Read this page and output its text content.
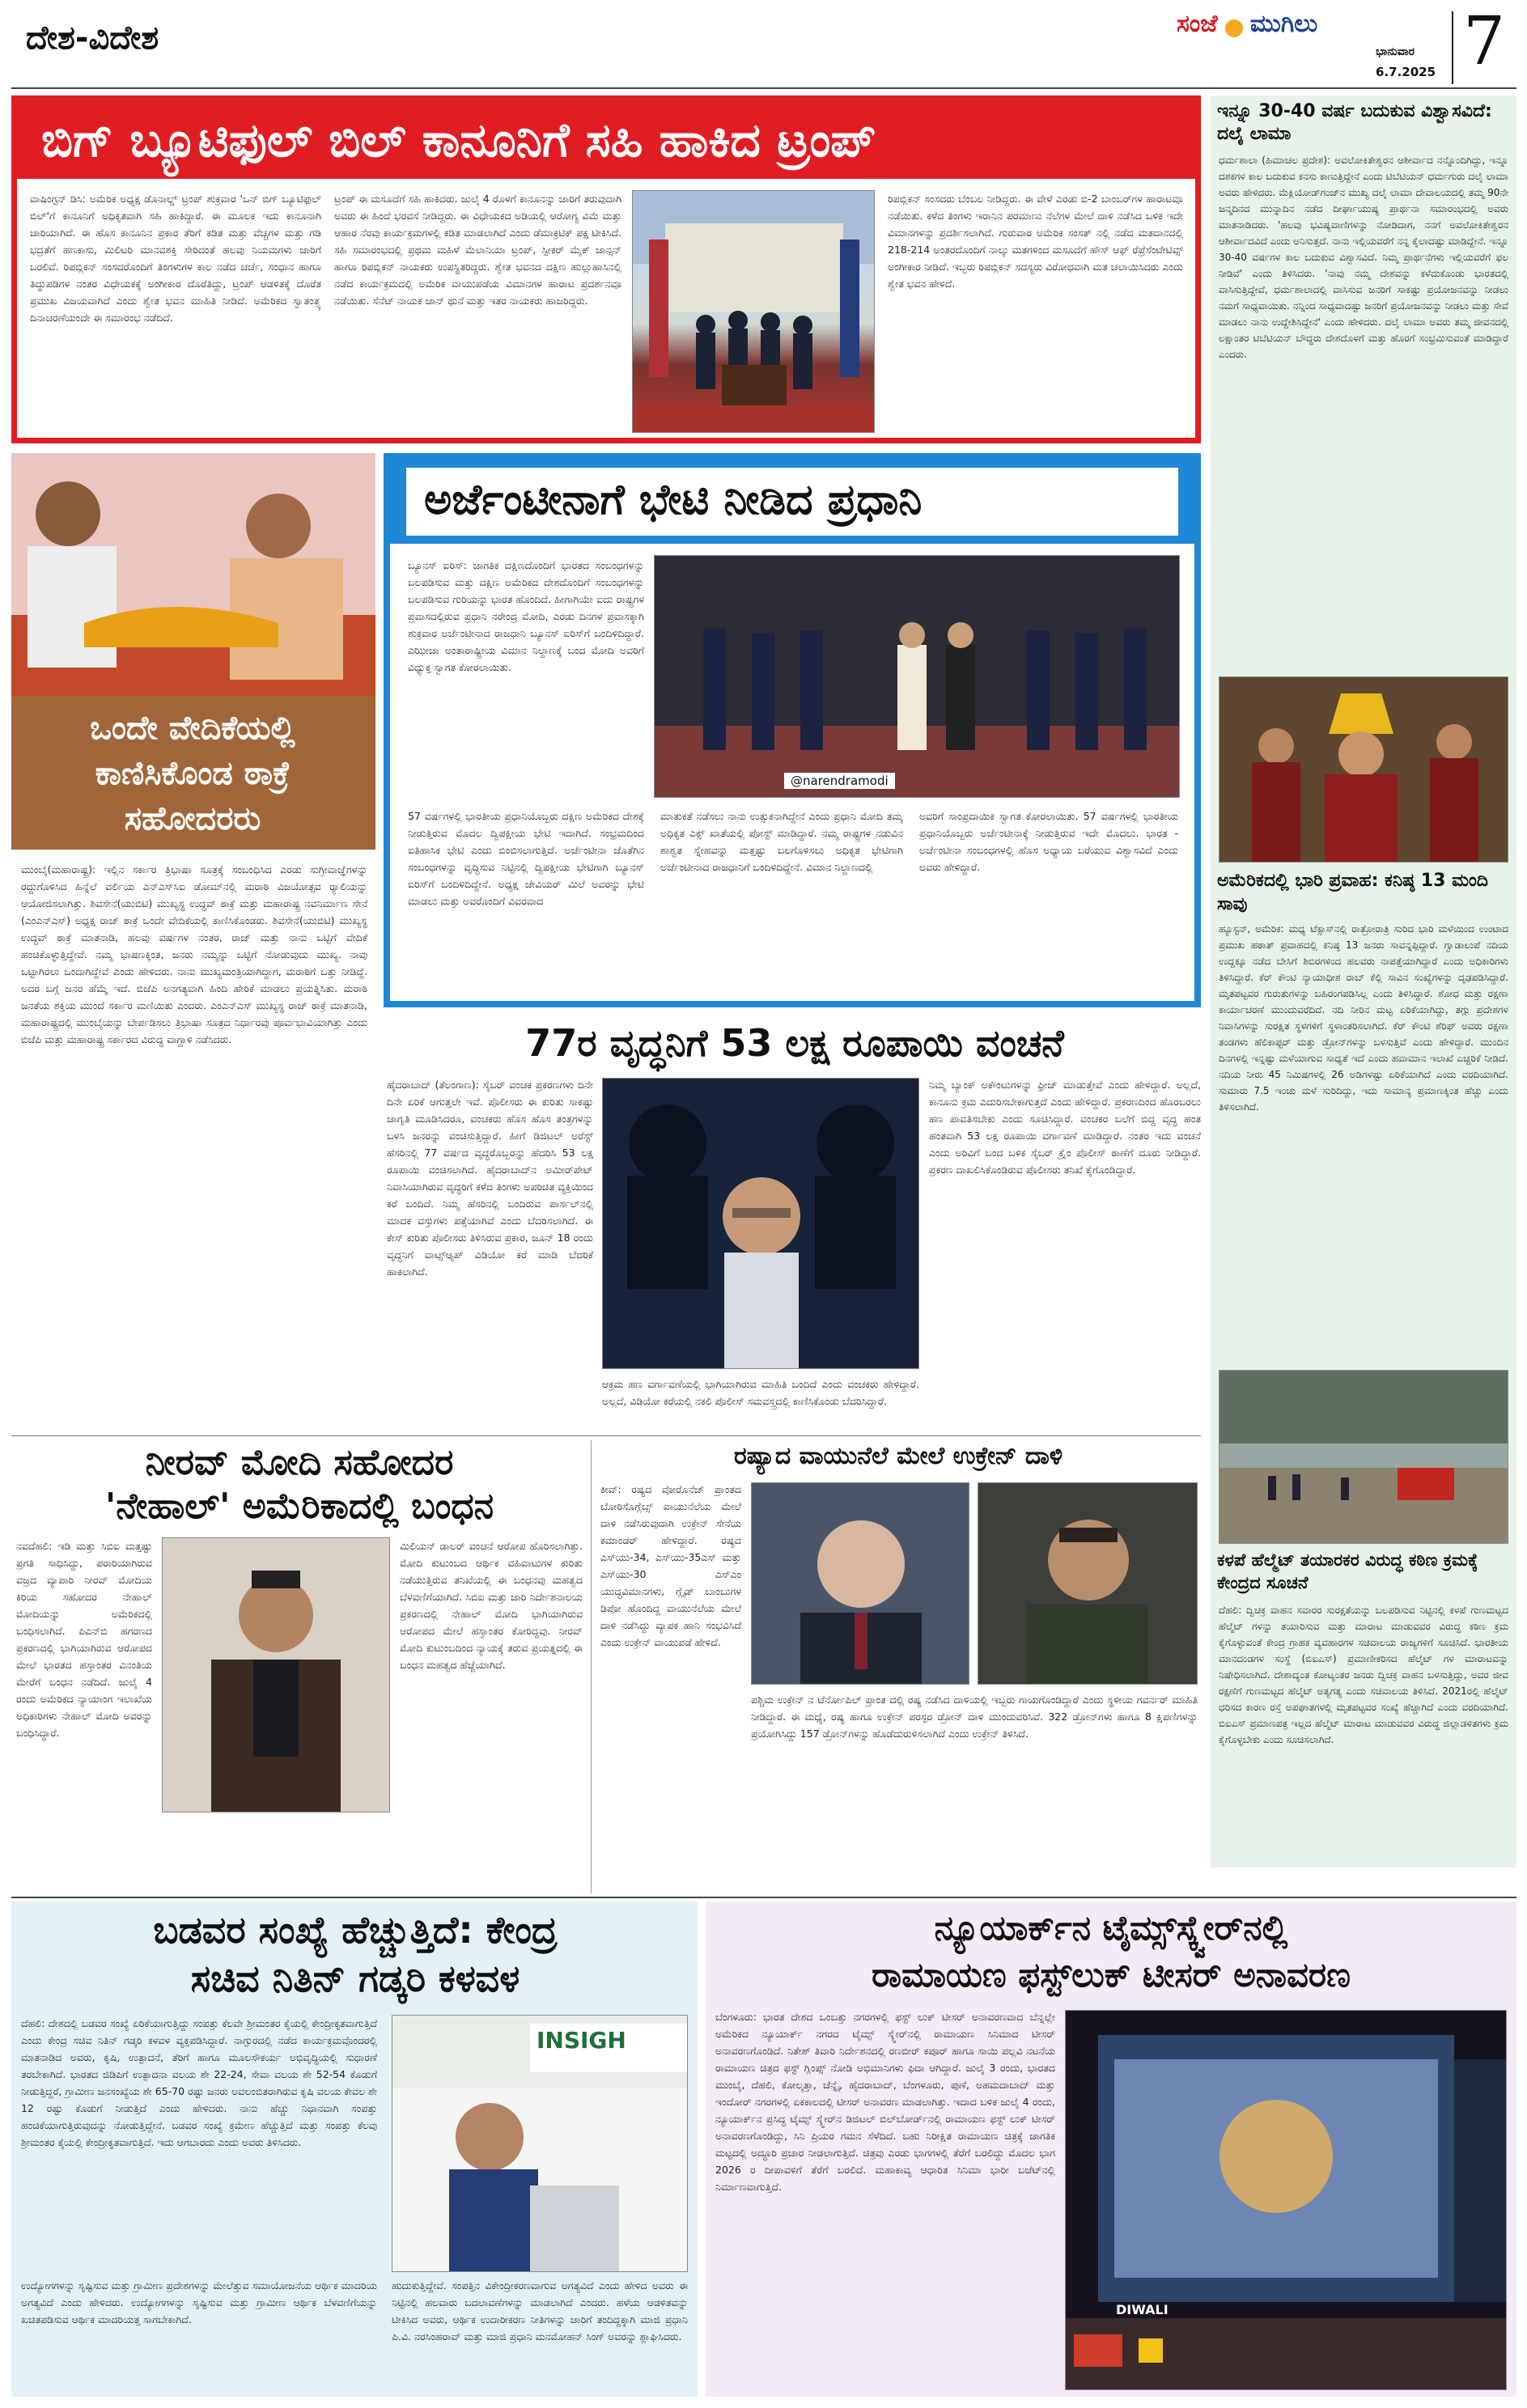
ದೇಶ-ವಿದೇಶ	ಸಂಜೆ ಮುಗಿಲು
ಭಾನುವಾರ
6.7.2025 7
ಬಿಗ್ ಬ್ಯೂಟಿಫುಲ್ ಬಿಲ್ ಕಾನೂನಿಗೆ ಸಹಿ ಹಾಕಿದ ಟ್ರಂಪ್
ವಾಷಿಂಗ್ಟನ್ ಡಿಸಿ: ಅಮೆರಿಕ ಅಧ್ಯಕ್ಷ ಡೊನಾಲ್ಡ್ ಟ್ರಂಪ್ ಶುಕ್ರವಾರ 'ಒನ್ ಬಿಗ್ ಬ್ಯೂಟಿಫುಲ್ ಬಿಲ್'ಗೆ ಕಾನೂನಿಗೆ ಅಧಿಕೃತವಾಗಿ ಸಹಿ ಹಾಕಿದ್ದಾರೆ. ಈ ಮೂಲಕ ಇದು ಕಾನೂನಾಗಿ ಜಾರಿಯಾಗಿದೆ. ಈ ಹೊಸ ಕಾನೂನಿನ ಪ್ರಕಾರ ತೆರಿಗೆ ಕಡಿತ ಮತ್ತು ವೆಚ್ಚಗಳ ಮತ್ತು ಗಡಿ ಭದ್ರತೆಗೆ ಹಣಕಾಸು, ಮಿಲಿಟರಿ ಮಾನವಶಕ್ತಿ ಸೇರಿದಂತೆ ಹಲವು ನಿಯಮಗಳು ಜಾರಿಗೆ ಬರಲಿವೆ. ರಿಪಬ್ಲಿಕನ್ ಸಂಸದರೊಂದಿಗೆ ತಿಂಗಳುಗಳ ಕಾಲ ನಡೆದ ಚರ್ಚೆ, ಸಂಧಾನ ಹಾಗೂ ತಿದ್ದುಪಡಿಗಳ ನಂತರ ವಿಧೇಯಕಕ್ಕೆ ಅಂಗೀಕಾರ ದೊರೆತಿದ್ದು, ಟ್ರಂಪ್ ಆಡಳಿತಕ್ಕೆ ದೊರೆತ ಪ್ರಮುಖ ವಿಜಯವಾಗಿದೆ ಎಂದು ಶ್ವೇತ ಭವನ ಮಾಹಿತಿ ನೀಡಿದೆ. ಅಮೆರಿಕದ ಸ್ವಾತಂತ್ರ್ಯ ದಿನಾಚರಣೆಯಂದೇ ಈ ಸಮಾರಂಭ ನಡೆದಿದೆ.
ಟ್ರಂಪ್ ಈ ಮಸೂದೆಗೆ ಸಹಿ ಹಾಕಿದರು. ಜುಲೈ 4 ರೊಳಗೆ ಕಾನೂನನ್ನು ಜಾರಿಗೆ ತರುವುದಾಗಿ ಅವರು ಈ ಹಿಂದೆ ಭರವಸೆ ನೀಡಿದ್ದರು. ಈ ವಿಧೇಯಕದ ಅಡಿಯಲ್ಲಿ ಆರೋಗ್ಯ ವಿಮೆ ಮತ್ತು ಆಹಾರ ನೆರವು ಕಾರ್ಯಕ್ರಮಗಳಲ್ಲಿ ಕಡಿತ ಮಾಡಲಾಗಿದೆ ಎಂದು ಡೆಮಾಕ್ರಟಿಕ್ ಪಕ್ಷ ಟೀಕಿಸಿದೆ. ಸಹಿ ಸಮಾರಂಭದಲ್ಲಿ ಪ್ರಥಮ ಮಹಿಳೆ ಮೆಲಾನಿಯಾ ಟ್ರಂಪ್, ಸ್ಪೀಕರ್ ಮೈಕ್ ಜಾನ್ಸನ್ ಹಾಗೂ ರಿಪಬ್ಲಿಕನ್ ನಾಯಕರು ಉಪಸ್ಥಿತರಿದ್ದರು. ಶ್ವೇತ ಭವನದ ದಕ್ಷಿಣ ಹುಲ್ಲುಹಾಸಿನಲ್ಲಿ ನಡೆದ ಕಾರ್ಯಕ್ರಮದಲ್ಲಿ ಅಮೆರಿಕ ವಾಯುಪಡೆಯ ವಿಮಾನಗಳ ಹಾರಾಟ ಪ್ರದರ್ಶನವೂ ನಡೆಯಿತು. ಸೆನೆಟ್ ನಾಯಕ ಜಾನ್ ಥುನೆ ಮತ್ತು ಇತರ ನಾಯಕರು ಹಾಜರಿದ್ದರು.
ರಿಪಬ್ಲಿಕನ್ ಸಂಸದರು ಬೆಂಬಲ ನೀಡಿದ್ದರು. ಈ ವೇಳೆ ಎರಡು ಬಿ-2 ಬಾಂಬರ್‌ಗಳ ಹಾರಾಟವೂ ನಡೆಯಿತು. ಕಳೆದ ತಿಂಗಳು ಇರಾನಿನ ಪರಮಾಣು ನೆಲೆಗಳ ಮೇಲೆ ದಾಳಿ ನಡೆಸಿದ ಬಳಿಕ ಇದೇ ವಿಮಾನಗಳನ್ನು ಪ್ರದರ್ಶಿಸಲಾಗಿದೆ. ಗುರುವಾರ ಅಮೆರಿಕ ಸಂಸತ್ ನಲ್ಲಿ ನಡೆದ ಮತದಾನದಲ್ಲಿ 218-214 ಅಂತರದೊಂದಿಗೆ ನಾಲ್ಕು ಮತಗಳಿಂದ ಮಸೂದೆಗೆ ಹೌಸ್ ಆಫ್ ರೆಪ್ರೆಸೆಂಟೇಟಿವ್ಸ್ ಅಂಗೀಕಾರ ನೀಡಿದೆ. ಇಬ್ಬರು ರಿಪಬ್ಲಿಕನ್ ಸದಸ್ಯರು ವಿರೋಧವಾಗಿ ಮತ ಚಲಾಯಿಸಿದರು ಎಂದು ಶ್ವೇತ ಭವನ ಹೇಳಿದೆ.
ಇನ್ನೂ 30-40 ವರ್ಷ ಬದುಕುವ ವಿಶ್ವಾಸವಿದೆ: ದಲೈ ಲಾಮಾ
ಧರ್ಮಶಾಲಾ (ಹಿಮಾಚಲ ಪ್ರದೇಶ): ಅವಲೋಕಿತೇಶ್ವರನ ಆಶೀರ್ವಾದ ನನ್ನೊಂದಿಗಿದ್ದು, ಇನ್ನೂ ದಶಕಗಳ ಕಾಲ ಬದುಕುವ ಕನಸು ಕಾಣುತ್ತಿದ್ದೇನೆ ಎಂದು ಟಿಬೆಟಿಯನ್ ಧರ್ಮಗುರು ದಲೈ ಲಾಮಾ ಅವರು ಹೇಳಿದರು. ಮೆಕ್ಲಿಯೋಡ್‌ಗಂಜ್‌ನ ಮುಖ್ಯ ದಲೈ ಲಾಮಾ ದೇವಾಲಯದಲ್ಲಿ ತಮ್ಮ 90ನೇ ಜನ್ಮದಿನದ ಮುನ್ನಾದಿನ ನಡೆದ ದೀರ್ಘಾಯುಷ್ಯ ಪ್ರಾರ್ಥನಾ ಸಮಾರಂಭದಲ್ಲಿ ಅವರು ಮಾತನಾಡಿದರು. 'ಹಲವು ಭವಿಷ್ಯವಾಣಿಗಳನ್ನು ನೋಡಿದಾಗ, ನನಗೆ ಅವಲೋಕಿತೇಶ್ವರನ ಆಶೀರ್ವಾದವಿದೆ ಎಂದು ಅನಿಸುತ್ತದೆ. ನಾನು ಇಲ್ಲಿಯವರೆಗೆ ನನ್ನ ಕೈಲಾದಷ್ಟು ಮಾಡಿದ್ದೇನೆ. ಇನ್ನೂ 30-40 ವರ್ಷಗಳ ಕಾಲ ಬದುಕುವ ವಿಶ್ವಾಸವಿದೆ. ನಿಮ್ಮ ಪ್ರಾರ್ಥನೆಗಳು ಇಲ್ಲಿಯವರೆಗೆ ಫಲ ನೀಡಿವೆ' ಎಂದು ತಿಳಿಸಿದರು. 'ನಾವು ನಮ್ಮ ದೇಶವನ್ನು ಕಳೆದುಕೊಂಡು ಭಾರತದಲ್ಲಿ ವಾಸಿಸುತ್ತಿದ್ದೇವೆ, ಧರ್ಮಶಾಲಾದಲ್ಲಿ ವಾಸಿಸುವ ಜನರಿಗೆ ಸಾಕಷ್ಟು ಪ್ರಯೋಜನವನ್ನು ನೀಡಲು ನಮಗೆ ಸಾಧ್ಯವಾಯಿತು. ನನ್ನಿಂದ ಸಾಧ್ಯವಾದಷ್ಟು ಜನರಿಗೆ ಪ್ರಯೋಜನವನ್ನು ನೀಡಲು ಮತ್ತು ಸೇವೆ ಮಾಡಲು ನಾನು ಉದ್ದೇಶಿಸಿದ್ದೇನೆ' ಎಂದು ಹೇಳಿದರು. ದಲೈ ಲಾಮಾ ಅವರು ತಮ್ಮ ಜೀವನದಲ್ಲಿ ಲಕ್ಷಾಂತರ ಟಿಬೆಟಿಯನ್ ಬೌದ್ಧರು ದೇಶದೊಳಗೆ ಮತ್ತು ಹೊರಗೆ ಸಂಭ್ರಮಿಸುವಂತೆ ಮಾಡಿದ್ದಾರೆ ಎಂದರು.
ಅಮೆರಿಕದಲ್ಲಿ ಭಾರಿ ಪ್ರವಾಹ: ಕನಿಷ್ಠ 13 ಮಂದಿ ಸಾವು
ಹ್ಯೂಸ್ಟನ್, ಅಮೆರಿಕ: ಮಧ್ಯ ಟೆಕ್ಸಾಸ್‌ನಲ್ಲಿ ರಾತ್ರೋರಾತ್ರಿ ಸುರಿದ ಭಾರಿ ಮಳೆಯಿಂದ ಉಂಟಾದ ಪ್ರಮುಖ ಹಠಾತ್ ಪ್ರವಾಹದಲ್ಲಿ ಕನಿಷ್ಠ 13 ಜನರು ಸಾವನ್ನಪ್ಪಿದ್ದಾರೆ. ಗ್ವಾಡಾಲುಪೆ ನದಿಯ ಉದ್ದಕ್ಕೂ ನಡೆದ ಬೇಸಿಗೆ ಶಿಬಿರಗಳಿಂದ ಹಲವರು ನಾಪತ್ತೆಯಾಗಿದ್ದಾರೆ ಎಂದು ಅಧಿಕಾರಿಗಳು ತಿಳಿಸಿದ್ದಾರೆ. ಕೆರ್ ಕೌಂಟಿ ನ್ಯಾಯಾಧೀಶ ರಾಬ್ ಕೆಲ್ಲಿ ಸಾವಿನ ಸಂಖ್ಯೆಗಳನ್ನು ದೃಢಪಡಿಸಿದ್ದಾರೆ. ಮೃತಪಟ್ಟವರ ಗುರುತುಗಳನ್ನು ಬಹಿರಂಗಪಡಿಸಿಲ್ಲ ಎಂದು ತಿಳಿಸಿದ್ದಾರೆ. ಶೋಧ ಮತ್ತು ರಕ್ಷಣಾ ಕಾರ್ಯಾಚರಣೆ ಮುಂದುವರೆದಿದೆ. ನದಿ ನೀರಿನ ಮಟ್ಟ ಏರಿಕೆಯಾಗಿದ್ದು, ತಗ್ಗು ಪ್ರದೇಶಗಳ ನಿವಾಸಿಗಳನ್ನು ಸುರಕ್ಷಿತ ಸ್ಥಳಗಳಿಗೆ ಸ್ಥಳಾಂತರಿಸಲಾಗಿದೆ. ಕೆರ್ ಕೌಂಟಿ ಶೆರಿಫ್ ಅವರು ರಕ್ಷಣಾ ತಂಡಗಳು ಹೆಲಿಕಾಪ್ಟರ್ ಮತ್ತು ಡ್ರೋನ್‌ಗಳನ್ನು ಬಳಸುತ್ತಿವೆ ಎಂದು ಹೇಳಿದ್ದಾರೆ. ಮುಂದಿನ ದಿನಗಳಲ್ಲಿ ಇನ್ನಷ್ಟು ಮಳೆಯಾಗುವ ಸಾಧ್ಯತೆ ಇದೆ ಎಂದು ಹವಾಮಾನ ಇಲಾಖೆ ಎಚ್ಚರಿಕೆ ನೀಡಿದೆ. ನದಿಯ ನೀರು 45 ನಿಮಿಷಗಳಲ್ಲಿ 26 ಅಡಿಗಳಷ್ಟು ಏರಿಕೆಯಾಗಿದೆ ಎಂದು ವರದಿಯಾಗಿದೆ. ಸುಮಾರು 7.5 ಇಂಚು ಮಳೆ ಸುರಿದಿದ್ದು, ಇದು ಸಾಮಾನ್ಯ ಪ್ರಮಾಣಕ್ಕಿಂತ ಹೆಚ್ಚು ಎಂದು ತಿಳಿಸಲಾಗಿದೆ.
ಕಳಪೆ ಹೆಲ್ಮೆಟ್ ತಯಾರಕರ ವಿರುದ್ಧ ಕಠಿಣ ಕ್ರಮಕ್ಕೆ ಕೇಂದ್ರದ ಸೂಚನೆ
ದೆಹಲಿ: ದ್ವಿಚಕ್ರ ವಾಹನ ಸವಾರರ ಸುರಕ್ಷತೆಯನ್ನು ಬಲಪಡಿಸುವ ನಿಟ್ಟಿನಲ್ಲಿ ಕಳಪೆ ಗುಣಮಟ್ಟದ ಹೆಲ್ಮೆಟ್ ಗಳನ್ನು ತಯಾರಿಸುವ ಮತ್ತು ಮಾರಾಟ ಮಾಡುವವರ ವಿರುದ್ಧ ಕಠಿಣ ಕ್ರಮ ಕೈಗೊಳ್ಳುವಂತೆ ಕೇಂದ್ರ ಗ್ರಾಹಕ ವ್ಯವಹಾರಗಳ ಸಚಿವಾಲಯ ರಾಜ್ಯಗಳಿಗೆ ಸೂಚಿಸಿದೆ. ಭಾರತೀಯ ಮಾನದಂಡಗಳ ಸಂಸ್ಥೆ (ಬಿಐಎಸ್) ಪ್ರಮಾಣೀಕರಿಸದ ಹೆಲ್ಮೆಟ್ ಗಳ ಮಾರಾಟವನ್ನು ನಿಷೇಧಿಸಲಾಗಿದೆ. ದೇಶಾದ್ಯಂತ ಕೋಟ್ಯಂತರ ಜನರು ದ್ವಿಚಕ್ರ ವಾಹನ ಬಳಸುತ್ತಿದ್ದು, ಅವರ ಜೀವ ರಕ್ಷಣೆಗೆ ಗುಣಮಟ್ಟದ ಹೆಲ್ಮೆಟ್ ಅತ್ಯಗತ್ಯ ಎಂದು ಸಚಿವಾಲಯ ತಿಳಿಸಿದೆ. 2021ರಲ್ಲಿ ಹೆಲ್ಮೆಟ್ ಧರಿಸದ ಕಾರಣ ರಸ್ತೆ ಅಪಘಾತಗಳಲ್ಲಿ ಮೃತಪಟ್ಟವರ ಸಂಖ್ಯೆ ಹೆಚ್ಚಾಗಿದೆ ಎಂದು ವರದಿಯಾಗಿದೆ. ಬಿಐಎಸ್ ಪ್ರಮಾಣಪತ್ರ ಇಲ್ಲದ ಹೆಲ್ಮೆಟ್ ಮಾರಾಟ ಮಾಡುವವರ ವಿರುದ್ಧ ಜಿಲ್ಲಾಡಳಿತಗಳು ಕ್ರಮ ಕೈಗೊಳ್ಳಬೇಕು ಎಂದು ಸೂಚಿಸಲಾಗಿದೆ.
ಒಂದೇ ವೇದಿಕೆಯಲ್ಲಿ ಕಾಣಿಸಿಕೊಂಡ ಠಾಕ್ರೆ ಸಹೋದರರು
ಮುಂಬೈ(ಮಹಾರಾಷ್ಟ್ರ): ಇಲ್ಲಿನ ಸರ್ಕಾರ ತ್ರಿಭಾಷಾ ಸೂತ್ರಕ್ಕೆ ಸಂಬಂಧಿಸಿದ ಎರಡು ಸುಗ್ರೀವಾಜ್ಞೆಗಳನ್ನು ರದ್ದುಗೊಳಿಸಿದ ಹಿನ್ನೆಲೆ ವರ್ಲಿಯ ಎನ್‌ಎಸ್‌ಸಿಐ ಡೋಮ್‌ನಲ್ಲಿ ಮರಾಠಿ ವಿಜಯೋತ್ಸವ ರ‍್ಯಾಲಿಯನ್ನು ಆಯೋಜಿಸಲಾಗಿತ್ತು. ಶಿವಸೇನೆ(ಯುಬಿಟಿ) ಮುಖ್ಯಸ್ಥ ಉದ್ಧವ್ ಠಾಕ್ರೆ ಮತ್ತು ಮಹಾರಾಷ್ಟ್ರ ನವನಿರ್ಮಾಣ ಸೇನೆ (ಎಂಎನ್ಎಸ್) ಅಧ್ಯಕ್ಷ ರಾಜ್ ಠಾಕ್ರೆ ಒಂದೇ ವೇದಿಕೆಯಲ್ಲಿ ಕಾಣಿಸಿಕೊಂಡರು. ಶಿವಸೇನೆ(ಯುಬಿಟಿ) ಮುಖ್ಯಸ್ಥ ಉದ್ಧವ್ ಠಾಕ್ರೆ ಮಾತನಾಡಿ, ಹಲವು ವರ್ಷಗಳ ನಂತರ, ರಾಜ್ ಮತ್ತು ನಾನು ಒಟ್ಟಿಗೆ ವೇದಿಕೆ ಹಂಚಿಕೊಳ್ಳುತ್ತಿದ್ದೇವೆ. ನಮ್ಮ ಭಾಷಣಕ್ಕಿಂತ, ಜನರು ನಮ್ಮನ್ನು ಒಟ್ಟಿಗೆ ನೋಡುವುದು ಮುಖ್ಯ. ನಾವು ಒಟ್ಟಾಗಿರಲು ಒಂದಾಗಿದ್ದೇವೆ ಎಂದು ಹೇಳಿದರು. ನಾನು ಮುಖ್ಯಮಂತ್ರಿಯಾಗಿದ್ದಾಗ, ಮರಾಠಿಗೆ ಒತ್ತು ನೀಡಿದ್ದೆ. ಅದರ ಬಗ್ಗೆ ಜನರ ಹೆಮ್ಮೆ ಇದೆ. ಬಿಜೆಪಿ ಅನಗತ್ಯವಾಗಿ ಹಿಂದಿ ಹೇರಿಕೆ ಮಾಡಲು ಪ್ರಯತ್ನಿಸಿತು. ಮರಾಠಿ ಜನತೆಯ ಶಕ್ತಿಯ ಮುಂದೆ ಸರ್ಕಾರ ಮಣಿಯಿತು ಎಂದರು. ಎಂಎನ್ಎಸ್ ಮುಖ್ಯಸ್ಥ ರಾಜ್ ಠಾಕ್ರೆ ಮಾತನಾಡಿ, ಮಹಾರಾಷ್ಟ್ರದಲ್ಲಿ ಮುಂಬೈಯನ್ನು ಬೇರ್ಪಡಿಸಲು ತ್ರಿಭಾಷಾ ಸೂತ್ರದ ನಿರ್ಧಾರವು ಪೂರ್ವಭಾವಿಯಾಗಿತ್ತು ಎಂದು ಬಿಜೆಪಿ ಮತ್ತು ಮಹಾರಾಷ್ಟ್ರ ಸರ್ಕಾರದ ವಿರುದ್ಧ ವಾಗ್ದಾಳಿ ನಡೆಸಿದರು.
ಅರ್ಜೆಂಟೀನಾಗೆ ಭೇಟಿ ನೀಡಿದ ಪ್ರಧಾನಿ
ಬ್ಯೂನಸ್ ಐರಿಸ್: ಜಾಗತಿಕ ದಕ್ಷಿಣದೊಂದಿಗೆ ಭಾರತದ ಸಂಬಂಧಗಳನ್ನು ಬಲಪಡಿಸುವ ಮತ್ತು ದಕ್ಷಿಣ ಅಮೆರಿಕದ ದೇಶದೊಂದಿಗೆ ಸಂಬಂಧಗಳನ್ನು ಬಲಪಡಿಸುವ ಗುರಿಯನ್ನು ಭಾರತ ಹೊಂದಿದೆ. ಹೀಗಾಗಿಯೇ ಐದು ರಾಷ್ಟ್ರಗಳ ಪ್ರವಾಸದಲ್ಲಿರುವ ಪ್ರಧಾನಿ ನರೇಂದ್ರ ಮೋದಿ, ಎರಡು ದಿನಗಳ ಪ್ರವಾಸಕ್ಕಾಗಿ ಶುಕ್ರವಾರ ಅರ್ಜೆಂಟೀನಾದ ರಾಜಧಾನಿ ಬ್ಯೂನಸ್ ಐರಿಸ್‌ಗೆ ಬಂದಿಳಿದಿದ್ದಾರೆ. ಎಝೀಜಾ ಅಂತಾರಾಷ್ಟ್ರೀಯ ವಿಮಾನ ನಿಲ್ದಾಣಕ್ಕೆ ಬಂದ ಮೋದಿ ಅವರಿಗೆ ವಿಧ್ಯುಕ್ತ ಸ್ವಾಗತ ಕೋರಲಾಯಿತು.
@narendramodi
57 ವರ್ಷಗಳಲ್ಲಿ ಭಾರತೀಯ ಪ್ರಧಾನಿಯೊಬ್ಬರು ದಕ್ಷಿಣ ಅಮೆರಿಕದ ದೇಶಕ್ಕೆ ನೀಡುತ್ತಿರುವ ಮೊದಲ ದ್ವಿಪಕ್ಷೀಯ ಭೇಟಿ ಇದಾಗಿದೆ. ಸಂಭ್ರಮದಿಂದ ಐತಿಹಾಸಿಕ ಭೇಟಿ ಎಂದು ಬಿಂಬಿಸಲಾಗುತ್ತಿದೆ. ಅರ್ಜೆಂಟೀನಾ ಜೊತೆಗಿನ ಸಂಬಂಧಗಳನ್ನು ವೃದ್ಧಿಸುವ ನಿಟ್ಟಿನಲ್ಲಿ ದ್ವಿಪಕ್ಷೀಯ ಭೇಟಿಗಾಗಿ ಬ್ಯೂನಸ್ ಐರಿಸ್‌ಗೆ ಬಂದಿಳಿದಿದ್ದೇನೆ. ಅಧ್ಯಕ್ಷ ಜೇವಿಯರ್ ಮಿಲೆ ಅವರನ್ನು ಭೇಟಿ ಮಾಡಲು ಮತ್ತು ಅವರೊಂದಿಗೆ ವಿವರವಾದ
ಮಾತುಕತೆ ನಡೆಸಲು ನಾನು ಉತ್ಸುಕನಾಗಿದ್ದೇನೆ ಎಂದು ಪ್ರಧಾನಿ ಮೋದಿ ತಮ್ಮ ಅಧಿಕೃತ ಎಕ್ಸ್ ಖಾತೆಯಲ್ಲಿ ಪೋಸ್ಟ್ ಮಾಡಿದ್ದಾರೆ. ನಮ್ಮ ರಾಷ್ಟ್ರಗಳ ನಡುವಿನ ಶಾಶ್ವತ ಸ್ನೇಹವನ್ನು ಮತ್ತಷ್ಟು ಬಲಗೊಳಿಸಲು ಅಧಿಕೃತ ಭೇಟಿಗಾಗಿ ಅರ್ಜೆಂಟೀನಾದ ರಾಜಧಾನಿಗೆ ಬಂದಿಳಿದಿದ್ದೇನೆ. ವಿಮಾನ ನಿಲ್ದಾಣದಲ್ಲಿ
ಅವರಿಗೆ ಸಾಂಪ್ರದಾಯಿಕ ಸ್ವಾಗತ ಕೋರಲಾಯಿತು. 57 ವರ್ಷಗಳಲ್ಲಿ ಭಾರತೀಯ ಪ್ರಧಾನಿಯೊಬ್ಬರು ಅರ್ಜೆಂಟೀನಾಕ್ಕೆ ನೀಡುತ್ತಿರುವ ಇದೇ ಮೊದಲು. ಭಾರತ - ಅರ್ಜೆಂಟೀನಾ ಸಂಬಂಧಗಳಲ್ಲಿ ಹೊಸ ಅಧ್ಯಾಯ ಬರೆಯುವ ವಿಶ್ವಾಸವಿದೆ ಎಂದು ಅವರು ಹೇಳಿದ್ದಾರೆ.
77ರ ವೃದ್ಧನಿಗೆ 53 ಲಕ್ಷ ರೂಪಾಯಿ ವಂಚನೆ
ಹೈದರಾಬಾದ್ (ತೆಲಂಗಾಣ): ಸೈಬರ್ ವಂಚಕ ಪ್ರಕರಣಗಳು ದಿನೇ ದಿನೇ ಏರಿಕೆ ಆಗುತ್ತಲೇ ಇವೆ. ಪೊಲೀಸರು ಈ ಕುರಿತು ಸಾಕಷ್ಟು ಜಾಗೃತಿ ಮೂಡಿಸಿದರೂ, ವಂಚಕರು ಹೊಸ ಹೊಸ ತಂತ್ರಗಳನ್ನು ಬಳಸಿ ಜನರನ್ನು ವಂಚಿಸುತ್ತಿದ್ದಾರೆ. ಹೀಗೆ ಡಿಜಿಟಲ್ ಅರೆಸ್ಟ್ ಹೆಸರಿನಲ್ಲಿ 77 ವರ್ಷದ ವೃದ್ಧರೊಬ್ಬರನ್ನು ಹೆದರಿಸಿ 53 ಲಕ್ಷ ರೂಪಾಯಿ ವಂಚಿಸಲಾಗಿದೆ. ಹೈದರಾಬಾದ್‌ನ ಅಮೀರ್‌ಪೇಟ್ ನಿವಾಸಿಯಾಗಿರುವ ವೃದ್ಧರಿಗೆ ಕಳೆದ ತಿಂಗಳು ಅಪರಿಚಿತ ವ್ಯಕ್ತಿಯಿಂದ ಕರೆ ಬಂದಿದೆ. ನಿಮ್ಮ ಹೆಸರಿನಲ್ಲಿ ಬಂದಿರುವ ಪಾರ್ಸಲ್‌ನಲ್ಲಿ ಮಾದಕ ವಸ್ತುಗಳು ಪತ್ತೆಯಾಗಿವೆ ಎಂದು ಬೆದರಿಸಲಾಗಿದೆ. ಈ ಕೇಸ್ ಕುರಿತು ಪೊಲೀಸರು ತಿಳಿಸಿರುವ ಪ್ರಕಾರ, ಜೂನ್ 18 ರಂದು ವೃದ್ಧನಿಗೆ ವಾಟ್ಸ್‌ಆ್ಯಪ್ ವಿಡಿಯೋ ಕರೆ ಮಾಡಿ ಬೆದರಿಕೆ ಹಾಕಲಾಗಿದೆ.
ಆಕ್ರಮ ಹಣ ವರ್ಗಾವಣೆಯಲ್ಲಿ ಭಾಗಿಯಾಗಿರುವ ಮಾಹಿತಿ ಬಂದಿದೆ ಎಂದು ವಂಚಕರು ಹೇಳಿದ್ದಾರೆ. ಅಲ್ಲದೆ, ವಿಡಿಯೋ ಕರೆಯಲ್ಲಿ ನಕಲಿ ಪೊಲೀಸ್ ಸಮವಸ್ತ್ರದಲ್ಲಿ ಕಾಣಿಸಿಕೊಂಡು ಬೆದರಿಸಿದ್ದಾರೆ.
ನಿಮ್ಮ ಬ್ಯಾಂಕ್ ಅಕೌಂಟುಗಳನ್ನು ಫ್ರೀಜ್ ಮಾಡುತ್ತೇವೆ ಎಂದು ಹೇಳಿದ್ದಾರೆ. ಅಲ್ಲದೆ, ಕಾನೂನು ಕ್ರಮ ಎದುರಿಸಬೇಕಾಗುತ್ತದೆ ಎಂದು ಹೇಳಿದ್ದಾರೆ. ಪ್ರಕರಣದಿಂದ ಹೊರಬರಲು ಹಣ ಪಾವತಿಸಬೇಕು ಎಂದು ಸೂಚಿಸಿದ್ದಾರೆ. ವಂಚಕರ ಬಲೆಗೆ ಬಿದ್ದ ವೃದ್ಧ ಹಂತ ಹಂತವಾಗಿ 53 ಲಕ್ಷ ರೂಪಾಯಿ ವರ್ಗಾವಣೆ ಮಾಡಿದ್ದಾರೆ. ನಂತರ ಇದು ವಂಚನೆ ಎಂದು ಅರಿವಿಗೆ ಬಂದ ಬಳಿಕ ಸೈಬರ್ ಕ್ರೈಂ ಪೊಲೀಸ್ ಠಾಣೆಗೆ ದೂರು ನೀಡಿದ್ದಾರೆ. ಪ್ರಕರಣ ದಾಖಲಿಸಿಕೊಂಡಿರುವ ಪೊಲೀಸರು ತನಿಖೆ ಕೈಗೊಂಡಿದ್ದಾರೆ.
ನೀರವ್ ಮೋದಿ ಸಹೋದರ
'ನೇಹಾಲ್' ಅಮೆರಿಕಾದಲ್ಲಿ ಬಂಧನ
ನವದೆಹಲಿ: ಇಡಿ ಮತ್ತು ಸಿಬಿಐ ಮತ್ತಷ್ಟು ಪ್ರಗತಿ ಸಾಧಿಸಿದ್ದು, ಪರಾರಿಯಾಗಿರುವ ವಜ್ರದ ವ್ಯಾಪಾರಿ ನೀರವ್ ಮೋದಿಯ ಕಿರಿಯ ಸಹೋದರ ನೇಹಾಲ್ ಮೋದಿಯನ್ನು ಅಮೆರಿಕದಲ್ಲಿ ಬಂಧಿಸಲಾಗಿದೆ. ಪಿಎನ್‌ಬಿ ಹಗರಣದ ಪ್ರಕರಣದಲ್ಲಿ ಭಾಗಿಯಾಗಿರುವ ಆರೋಪದ ಮೇಲೆ ಭಾರತದ ಹಸ್ತಾಂತರ ವಿನಂತಿಯ ಮೇರೆಗೆ ಬಂಧನ ನಡೆದಿದೆ. ಜುಲೈ 4 ರಂದು ಅಮೆರಿಕದ ನ್ಯಾಯಾಂಗ ಇಲಾಖೆಯ ಅಧಿಕಾರಿಗಳು ನೇಹಾಲ್ ಮೋದಿ ಅವರನ್ನು ಬಂಧಿಸಿದ್ದಾರೆ.
ಮಿಲಿಯನ್ ಡಾಲರ್ ವಂಚನೆ ಆರೋಪ ಹೊರಿಸಲಾಗಿತ್ತು. ಮೋದಿ ಕುಟುಂಬದ ಆರ್ಥಿಕ ವಹಿವಾಟುಗಳ ಕುರಿತು ನಡೆಯುತ್ತಿರುವ ತನಿಖೆಯಲ್ಲಿ ಈ ಬಂಧನವು ಮಹತ್ವದ ಬೆಳವಣಿಗೆಯಾಗಿದೆ. ಸಿಬಿಐ ಮತ್ತು ಜಾರಿ ನಿರ್ದೇಶನಾಲಯ ಪ್ರಕರಣದಲ್ಲಿ ನೇಹಾಲ್ ಮೋದಿ ಭಾಗಿಯಾಗಿರುವ ಆರೋಪದ ಮೇಲೆ ಹಸ್ತಾಂತರ ಕೋರಿದ್ದವು. ನೀರವ್ ಮೋದಿ ಕುಟುಂಬದಿಂದ ನ್ಯಾಯಕ್ಕೆ ತರುವ ಪ್ರಯತ್ನದಲ್ಲಿ ಈ ಬಂಧನ ಮಹತ್ವದ ಹೆಜ್ಜೆಯಾಗಿದೆ.
ರಷ್ಯಾದ ವಾಯುನೆಲೆ ಮೇಲೆ ಉಕ್ರೇನ್ ದಾಳಿ
ಕೀವ್: ರಷ್ಯದ ವೋರೊನೆಜ್ ಪ್ರಾಂತದ ಬೋರಿಸೊಗ್ಲೆಬ್ಸ್ ವಾಯುನೆಲೆಯ ಮೇಲೆ ದಾಳಿ ನಡೆಸಿರುವುದಾಗಿ ಉಕ್ರೇನ್ ಸೇನೆಯ ಕಮಾಂಡರ್ ಹೇಳಿದ್ದಾರೆ. ರಷ್ಯದ ಎಸ್‌ಯು-34, ಎಸ್‌ಯು-35ಎಸ್ ಮತ್ತು ಎಸ್‌ಯು-30 ಎಸ್‌ಎಂ ಯುದ್ಧವಿಮಾನಗಳು, ಗ್ಲೈಡ್ ಬಾಂಬುಗಳ ಡಿಪೋ ಹೊಂದಿದ್ದ ವಾಯುನೆಲೆಯ ಮೇಲೆ ದಾಳಿ ನಡೆಸಿದ್ದು ವ್ಯಾಪಕ ಹಾನಿ ಸಂಭವಿಸಿದೆ ಎಂದು ಉಕ್ರೇನ್ ವಾಯುಪಡೆ ಹೇಳಿದೆ.
ಪಶ್ಚಿಮ ಉಕ್ರೇನ್ ನ ಟೆರ್ನೋಪಿಲ್ ಪ್ರಾಂತ ದಲ್ಲಿ ರಷ್ಯ ನಡೆಸಿದ ದಾಳಿಯಲ್ಲಿ ಇಬ್ಬರು ಗಾಯಗೊಂಡಿದ್ದಾರೆ ಎಂದು ಸ್ಥಳೀಯ ಗವರ್ನರ್ ಮಾಹಿತಿ ನೀಡಿದ್ದಾರೆ. ಈ ಮಧ್ಯೆ, ರಷ್ಯ ಹಾಗೂ ಉಕ್ರೇನ್ ಪರಸ್ಪರ ಡ್ರೋನ್ ದಾಳಿ ಮುಂದುವರಿಸಿವೆ. 322 ಡ್ರೋನ್‌ಗಳು ಹಾಗೂ 8 ಕ್ಷಿಪಣಿಗಳನ್ನು ಪ್ರಯೋಗಿಸಿದ್ದು 157 ಡ್ರೋನ್‌ಗಳನ್ನು ಹೊಡೆದುರುಳಿಸಲಾಗಿದೆ ಎಂದು ಉಕ್ರೇನ್ ತಿಳಿಸಿದೆ.
ಬಡವರ ಸಂಖ್ಯೆ ಹೆಚ್ಚುತ್ತಿದೆ: ಕೇಂದ್ರ
ಸಚಿವ ನಿತಿನ್ ಗಡ್ಕರಿ ಕಳವಳ
ದೆಹಲಿ: ದೇಶದಲ್ಲಿ ಬಡವರ ಸಂಖ್ಯೆ ಏರಿಕೆಯಾಗುತ್ತಿದ್ದು ಸಂಪತ್ತು ಕೆಲವೇ ಶ್ರೀಮಂತರ ಕೈಯಲ್ಲಿ ಕೇಂದ್ರೀಕೃತವಾಗುತ್ತಿದೆ ಎಂದು ಕೇಂದ್ರ ಸಚಿವ ನಿತಿನ್ ಗಡ್ಕರಿ ಕಳವಳ ವ್ಯಕ್ತಪಡಿಸಿದ್ದಾರೆ. ನಾಗ್ಪುರದಲ್ಲಿ ನಡೆದ ಕಾರ್ಯಕ್ರಮವೊಂದರಲ್ಲಿ ಮಾತನಾಡಿದ ಅವರು, ಕೃಷಿ, ಉತ್ಪಾದನೆ, ತೆರಿಗೆ ಹಾಗೂ ಮೂಲಸೌಕರ್ಯ ಅಭಿವೃದ್ಧಿಯಲ್ಲಿ ಸುಧಾರಣೆ ತರಬೇಕಾಗಿದೆ. ಭಾರತದ ಜಿಡಿಪಿಗೆ ಉತ್ಪಾದನಾ ವಲಯ ಶೇ 22-24, ಸೇವಾ ವಲಯ ಶೇ 52-54 ಕೊಡುಗೆ ನೀಡುತ್ತಿದ್ದರೆ, ಗ್ರಾಮೀಣ ಜನಸಂಖ್ಯೆಯ ಶೇ 65-70 ರಷ್ಟು ಜನರು ಅವಲಂಬಿತರಾಗಿರುವ ಕೃಷಿ ವಲಯ ಕೇವಲ ಶೇ 12 ರಷ್ಟು ಕೊಡುಗೆ ನೀಡುತ್ತಿದೆ ಎಂದು ಹೇಳಿದರು. ನಾನು ಹೆಚ್ಚು ನಿಧಾನವಾಗಿ ಸಂಪತ್ತು ಹಂಚಿಕೆಯಾಗುತ್ತಿರುವುದನ್ನು ನೋಡುತ್ತಿದ್ದೇನೆ. ಬಡವರ ಸಂಖ್ಯೆ ಕ್ರಮೇಣ ಹೆಚ್ಚುತ್ತಿದೆ ಮತ್ತು ಸಂಪತ್ತು ಕೆಲವು ಶ್ರೀಮಂತರ ಕೈಯಲ್ಲಿ ಕೇಂದ್ರೀಕೃತವಾಗುತ್ತಿದೆ. ಇದು ಆಗಬಾರದು ಎಂದು ಅವರು ತಿಳಿಸಿದರು.
INSIGH
ಉದ್ಯೋಗಗಳನ್ನು ಸೃಷ್ಟಿಸುವ ಮತ್ತು ಗ್ರಾಮೀಣ ಪ್ರದೇಶಗಳನ್ನು ಮೇಲೆತ್ತುವ ಸಮಾಯೋಜನೆಯ ಆರ್ಥಿಕ ಮಾದರಿಯ ಅಗತ್ಯವಿದೆ ಎಂದು ಹೇಳಿದರು. ಉದ್ಯೋಗಗಳನ್ನು ಸೃಷ್ಟಿಸುವ ಮತ್ತು ಗ್ರಾಮೀಣ ಆರ್ಥಿಕ ಬೆಳವಣಿಗೆಯನ್ನು ಖಚಿತಪಡಿಸುವ ಆರ್ಥಿಕ ಮಾದರಿಯತ್ತ ಸಾಗಬೇಕಾಗಿದೆ.
ಹುದುಕುತ್ತಿದ್ದೇವೆ. ಸಂಪತ್ತಿನ ವಿಕೇಂದ್ರೀಕರಣವಾಗುವ ಅಗತ್ಯವಿದೆ ಎಂದು ಹೇಳಿದ ಅವರು ಈ ನಿಟ್ಟಿನಲ್ಲಿ ಹಲವಾರು ಬದಲಾವಣೆಗಳನ್ನು ಮಾಡಲಾಗಿದೆ ಎಂದರು. ಹಳೆಯ ಆಡಳಿತವನ್ನು ಟೀಕಿಸಿದ ಅವರು, ಆರ್ಥಿಕ ಉದಾರೀಕರಣ ನೀತಿಗಳನ್ನು ಜಾರಿಗೆ ತಂದಿದ್ದಕ್ಕಾಗಿ ಮಾಜಿ ಪ್ರಧಾನಿ ಪಿ.ವಿ. ನರಸಿಂಹರಾವ್ ಮತ್ತು ಮಾಜಿ ಪ್ರಧಾನಿ ಮನಮೋಹನ್ ಸಿಂಗ್ ಅವರನ್ನು ಶ್ಲಾಘಿಸಿದರು.
ನ್ಯೂಯಾರ್ಕ್‌ನ ಟೈಮ್ಸ್‌ಸ್ಕ್ವೇರ್‌ನಲ್ಲಿ
ರಾಮಾಯಣ ಫಸ್ಟ್‌ಲುಕ್ ಟೀಸರ್ ಅನಾವರಣ
ಬೆಂಗಳೂರು: ಭಾರತ ದೇಶದ ಒಂಬತ್ತು ನಗರಗಳಲ್ಲಿ ಫಸ್ಟ್ ಲುಕ್ ಟೀಸರ್ ಅನಾವರಣವಾದ ಬೆನ್ನಲ್ಲೇ ಅಮೆರಿಕದ ನ್ಯೂಯಾರ್ಕ್ ನಗರದ ಟೈಮ್ಸ್ ಸ್ಕ್ವೇರ್‌ನಲ್ಲಿ ರಾಮಾಯಣ ಸಿನಿಮಾದ ಟೀಸರ್ ಅನಾವರಣಗೊಂಡಿದೆ. ನಿತೇಶ್ ತಿವಾರಿ ನಿರ್ದೇಶನದಲ್ಲಿ ರಣಬೀರ್ ಕಪೂರ್ ಹಾಗೂ ಸಾಯಿ ಪಲ್ಲವಿ ನಟನೆಯ ರಾಮಾಯಣ ಚಿತ್ರದ ಫಸ್ಟ್ ಗ್ಲಿಂಪ್ಸ್ ನೋಡಿ ಅಭಿಮಾನಿಗಳು ಫಿದಾ ಆಗಿದ್ದಾರೆ. ಜುಲೈ 3 ರಂದು, ಭಾರತದ ಮುಂಬೈ, ದೆಹಲಿ, ಕೋಲ್ಕತ್ತಾ, ಚೆನ್ನೈ, ಹೈದರಾಬಾದ್, ಬೆಂಗಳೂರು, ಪುಣೆ, ಅಹಮದಾಬಾದ್ ಮತ್ತು ಇಂದೋರ್ ನಗರಗಳಲ್ಲಿ ಏಕಕಾಲದಲ್ಲಿ ಟೀಸರ್ ಅನಾವರಣ ಮಾಡಲಾಗಿತ್ತು. ಇದಾದ ಬಳಿಕ ಜುಲೈ 4 ರಂದು, ನ್ಯೂಯಾರ್ಕ್‌ನ ಪ್ರಸಿದ್ಧ ಟೈಮ್ಸ್ ಸ್ಕ್ವೇರ್‌ನ ಡಿಜಿಟಲ್ ಬಿಲ್‌ಬೋರ್ಡ್‌ನಲ್ಲಿ ರಾಮಾಯಣ ಫಸ್ಟ್ ಲುಕ್ ಟೀಸರ್ ಅನಾವರಣಗೊಂಡಿದ್ದು, ಸಿನಿ ಪ್ರಿಯರ ಗಮನ ಸೆಳೆದಿದೆ. ಬಹು ನಿರೀಕ್ಷಿತ ರಾಮಾಯಣ ಚಿತ್ರಕ್ಕೆ ಜಾಗತಿಕ ಮಟ್ಟದಲ್ಲಿ ಅದ್ಧೂರಿ ಪ್ರಚಾರ ನೀಡಲಾಗುತ್ತಿದೆ. ಚಿತ್ರವು ಎರಡು ಭಾಗಗಳಲ್ಲಿ ತೆರೆಗೆ ಬರಲಿದ್ದು ಮೊದಲ ಭಾಗ 2026 ರ ದೀಪಾವಳಿಗೆ ತೆರೆಗೆ ಬರಲಿದೆ. ಮಹಾಕಾವ್ಯ ಆಧಾರಿತ ಸಿನಿಮಾ ಭಾರೀ ಬಜೆಟ್‌ನಲ್ಲಿ ನಿರ್ಮಾಣವಾಗುತ್ತಿದೆ.
DIWALI
